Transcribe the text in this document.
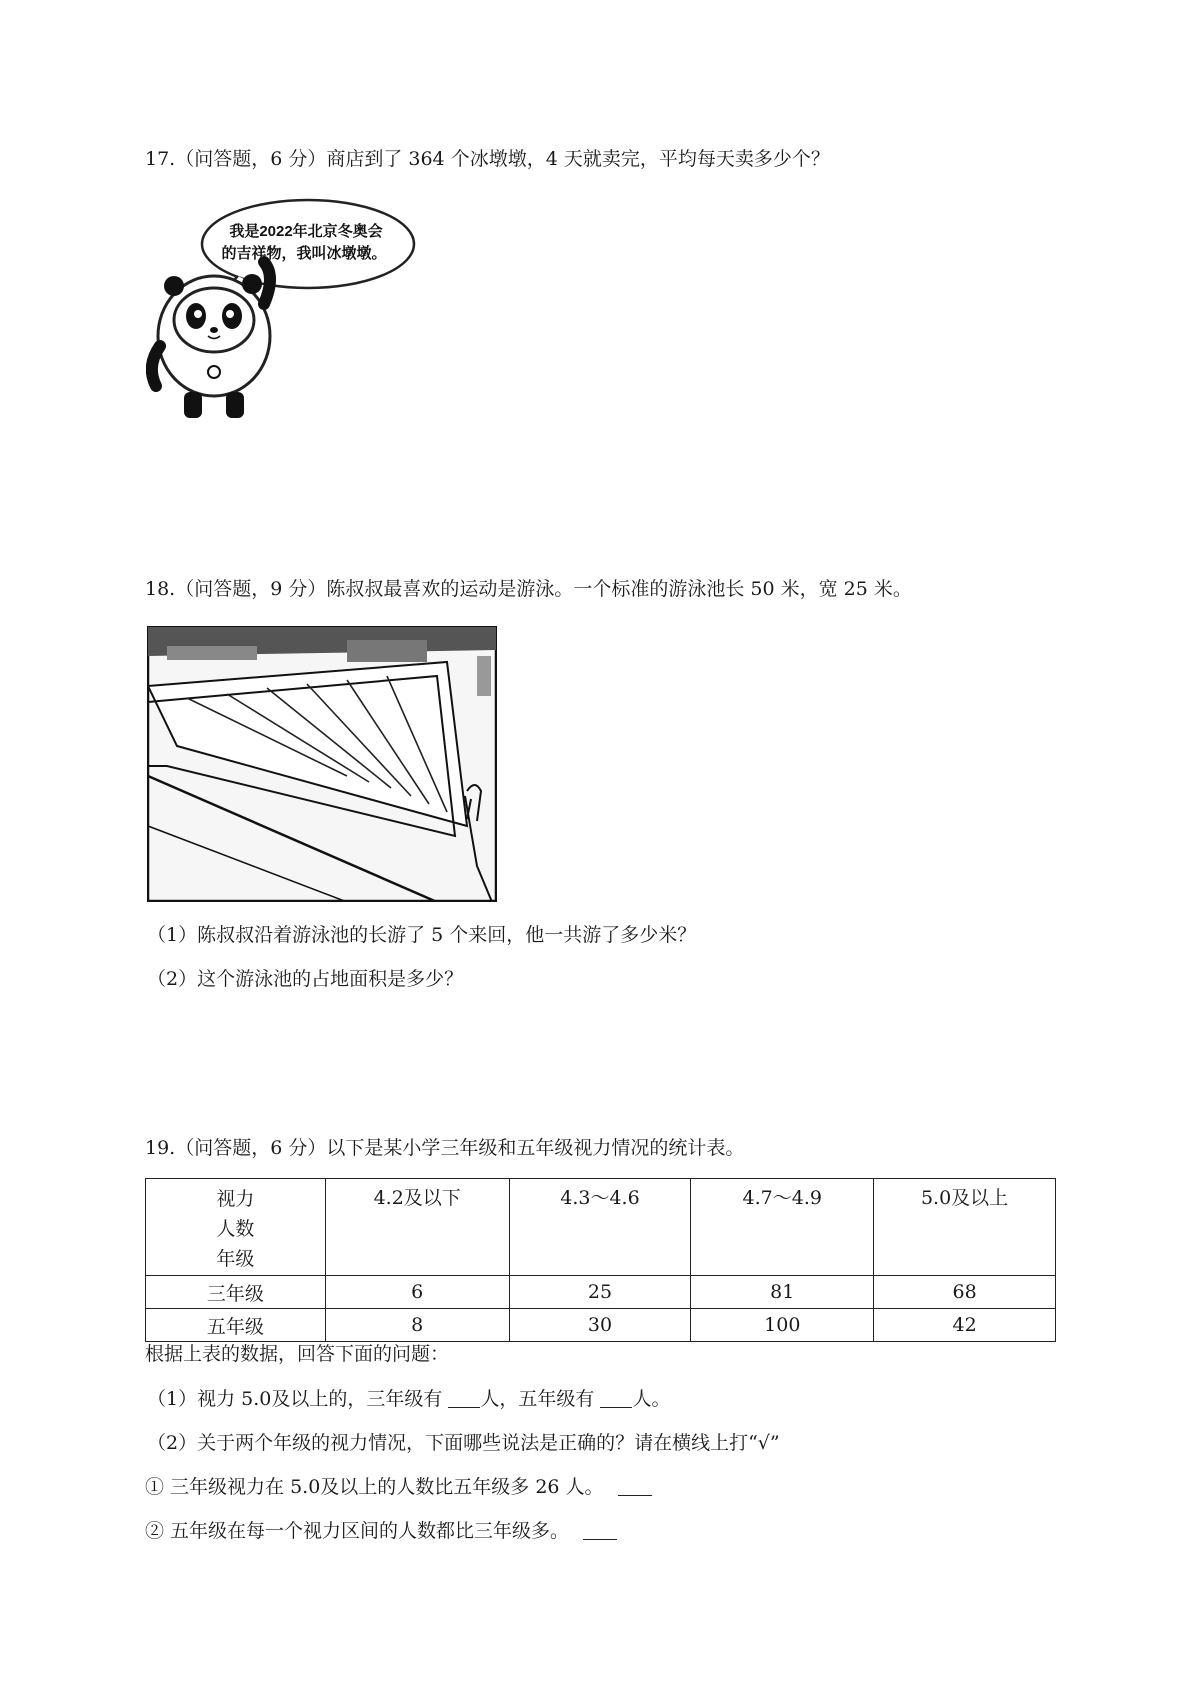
17.（问答题，6 分）商店到了 364 个冰墩墩，4 天就卖完，平均每天卖多少个？
我是2022年北京冬奥会
的吉祥物，我叫冰墩墩。
18.（问答题，9 分）陈叔叔最喜欢的运动是游泳。一个标准的游泳池长 50 米，宽 25 米。
（1）陈叔叔沿着游泳池的长游了 5 个来回，他一共游了多少米？
（2）这个游泳池的占地面积是多少？
19.（问答题，6 分）以下是某小学三年级和五年级视力情况的统计表。
视力
人数
年级	4.2及以下	4.3～4.6	4.7～4.9	5.0及以上
三年级	6	25	81	68
五年级	8	30	100	42
根据上表的数据，回答下面的问题：
（1）视力 5.0及以上的，三年级有 人，五年级有 人。
（2）关于两个年级的视力情况，下面哪些说法是正确的？请在横线上打“√”
① 三年级视力在 5.0及以上的人数比五年级多 26 人。
② 五年级在每一个视力区间的人数都比三年级多。
